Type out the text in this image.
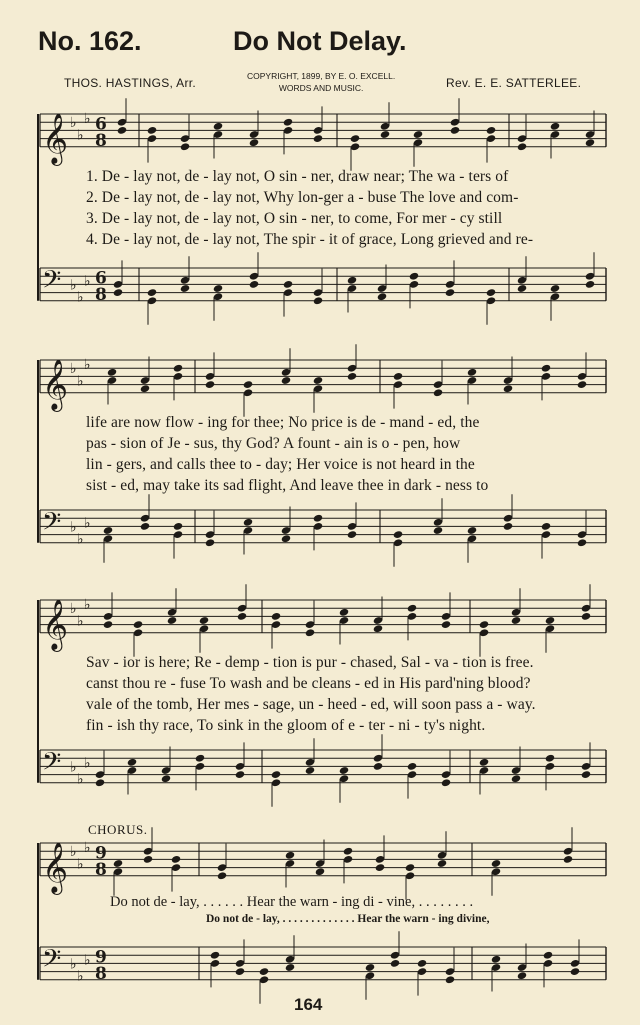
No. 162.	Do Not Delay.
THOS. HASTINGS, Arr.	COPYRIGHT, 1899, BY E. O. EXCELL.
WORDS AND MUSIC.	Rev. E. E. SATTERLEE.
𝄞 ♭
♭
♭ 6
8
𝄢 ♭
♭
♭ 6
8
𝄞 ♭
♭
♭
𝄢 ♭
♭
♭
𝄞 ♭
♭
♭
𝄢 ♭
♭
♭
𝄞 ♭
♭
♭ 9
8
𝄢 ♭
♭
♭ 9
8
1. De - lay not, de - lay not, O sin - ner, draw near; The wa - ters of
2. De - lay not, de - lay not, Why lon-ger a - buse The love and com-
3. De - lay not, de - lay not, O sin - ner, to come, For mer - cy still
4. De - lay not, de - lay not, The spir - it of grace, Long grieved and re-
life are now flow - ing for thee; No price is de - mand - ed, the
pas - sion of Je - sus, thy God? A fount - ain is o - pen, how
lin - gers, and calls thee to - day; Her voice is not heard in the
sist - ed, may take its sad flight, And leave thee in dark - ness to
Sav - ior is here; Re - demp - tion is pur - chased, Sal - va - tion is free.
canst thou re - fuse To wash and be cleans - ed in His pard'ning blood?
vale of the tomb, Her mes - sage, un - heed - ed, will soon pass a - way.
fin - ish thy race, To sink in the gloom of e - ter - ni - ty's night.
CHORUS.
Do not de - lay, . . . . . . Hear the warn - ing di - vine, . . . . . . . .
Do not de - lay, . . . . . . . . . . . . . Hear the warn - ing divine,
164
